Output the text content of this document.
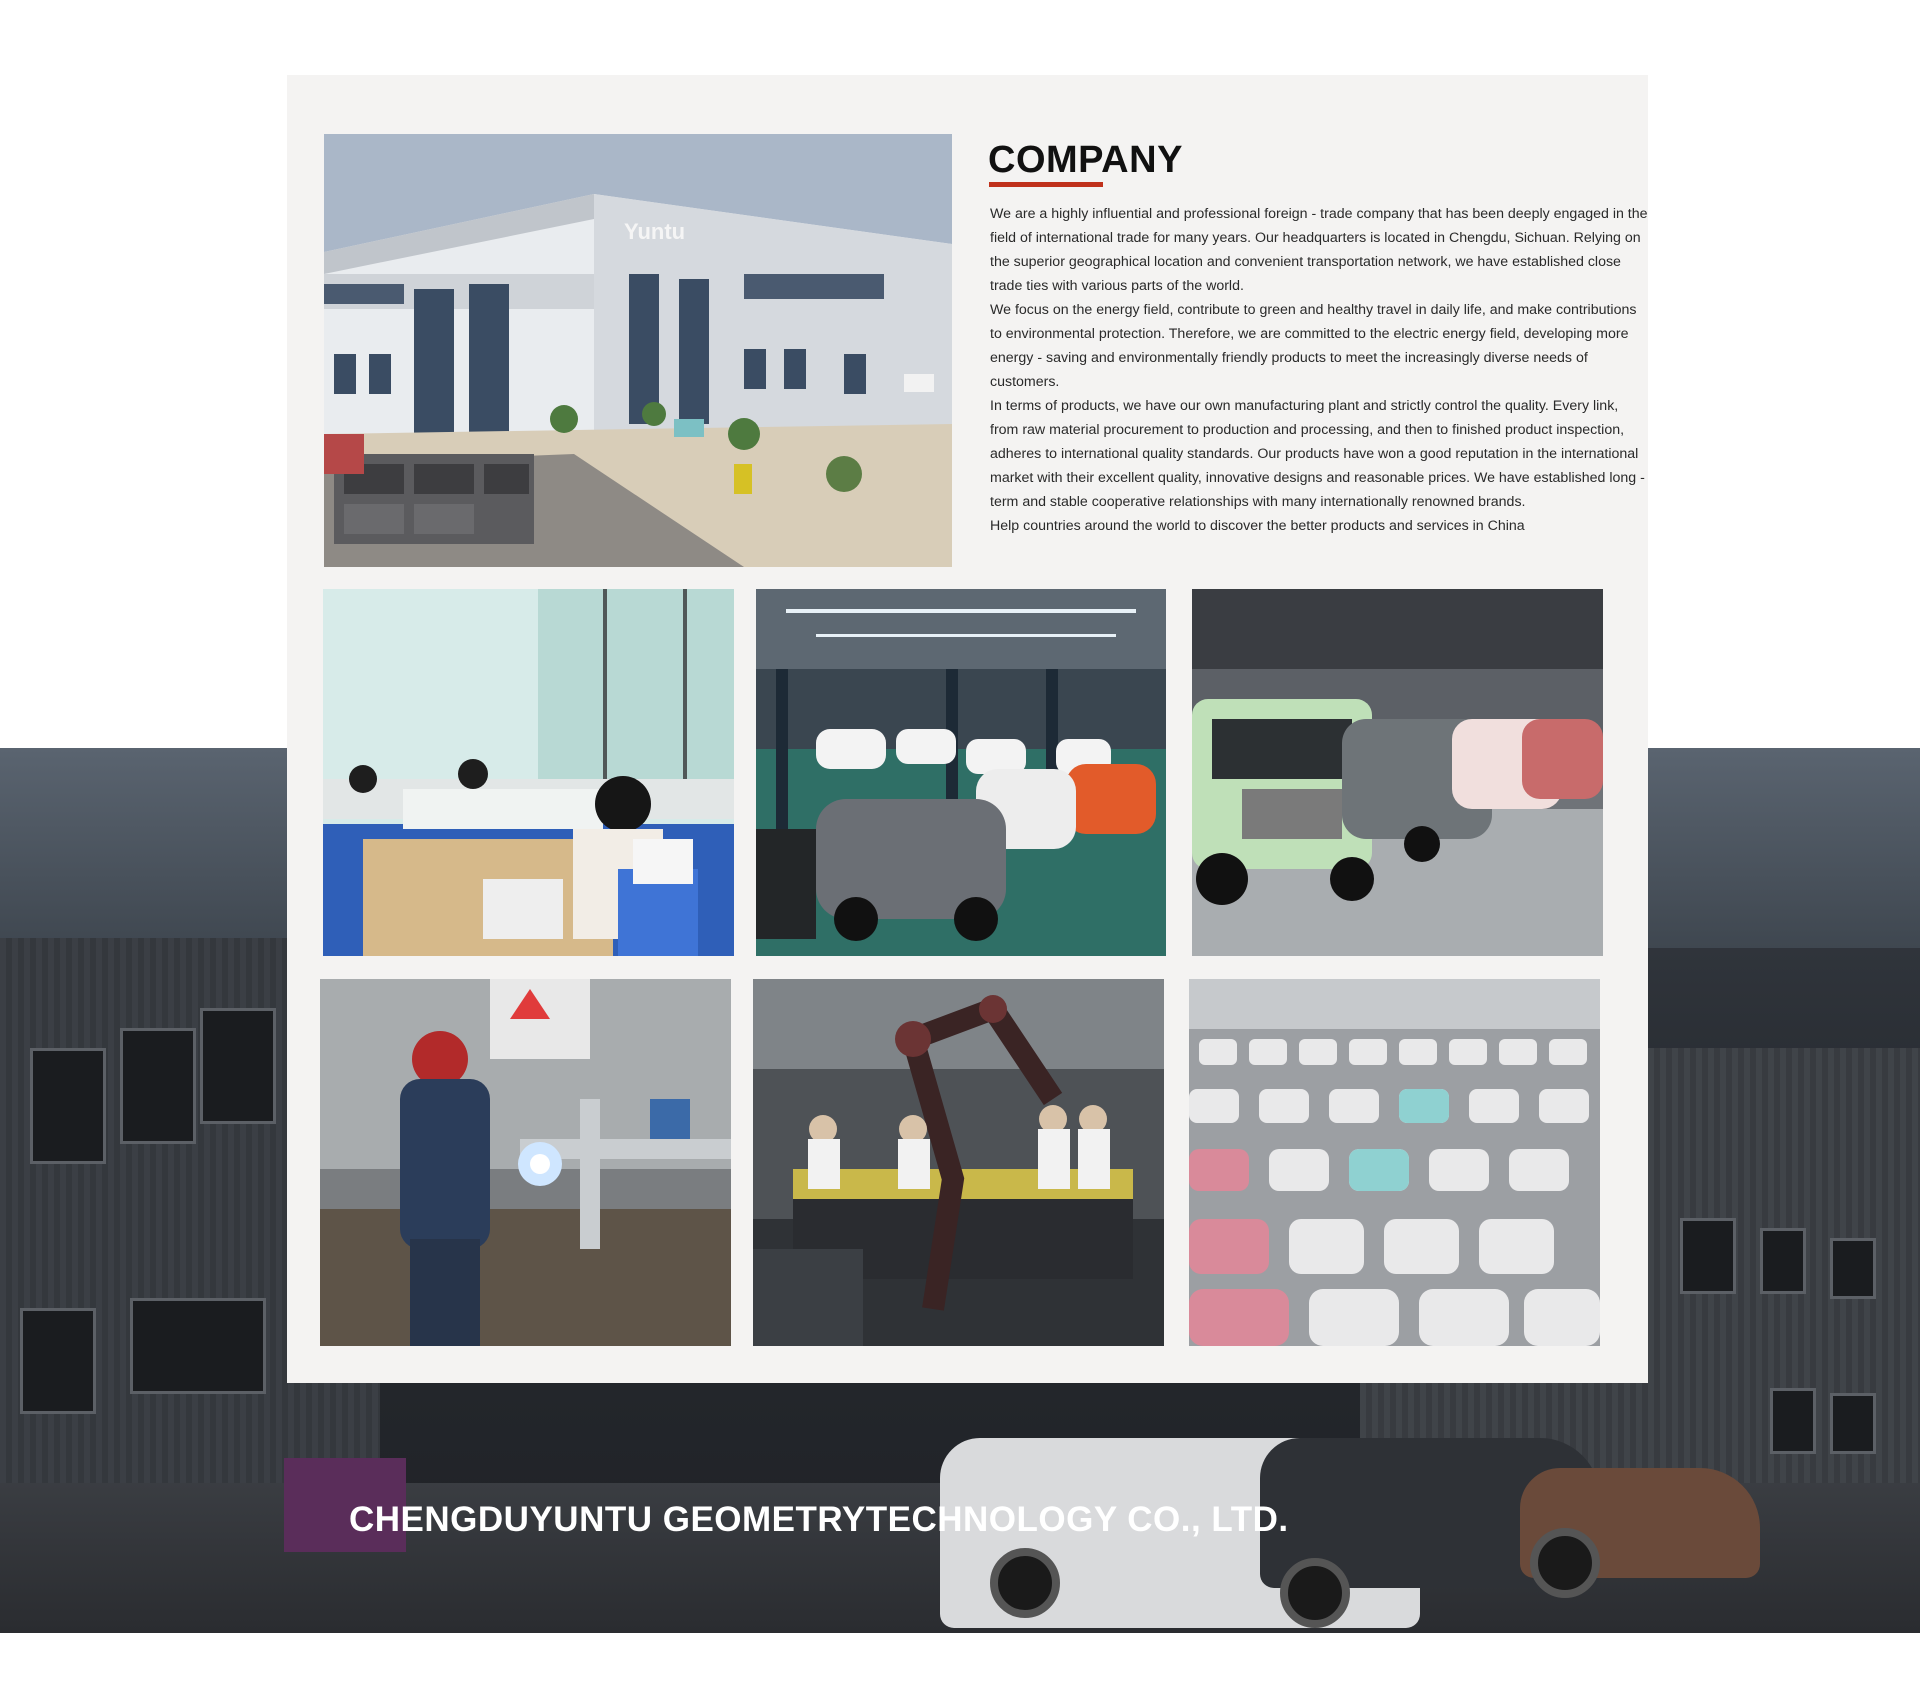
Yuntu
COMPANY

We are a highly influential and professional foreign - trade company that has been deeply engaged in the field of international trade for many years. Our headquarters is located in Chengdu, Sichuan. Relying on the superior geographical location and convenient transportation network, we have established close trade ties with various parts of the world.

We focus on the energy field, contribute to green and healthy travel in daily life, and make contributions to environmental protection. Therefore, we are committed to the electric energy field, developing more energy - saving and environmentally friendly products to meet the increasingly diverse needs of customers.

In terms of products, we have our own manufacturing plant and strictly control the quality. Every link, from raw material procurement to production and processing, and then to finished product inspection, adheres to international quality standards. Our products have won a good reputation in the international market with their excellent quality, innovative designs and reasonable prices. We have established long - term and stable cooperative relationships with many internationally renowned brands.

Help countries around the world to discover the better products and services in China

CHENGDUYUNTU GEOMETRYTECHNOLOGY CO., LTD.
